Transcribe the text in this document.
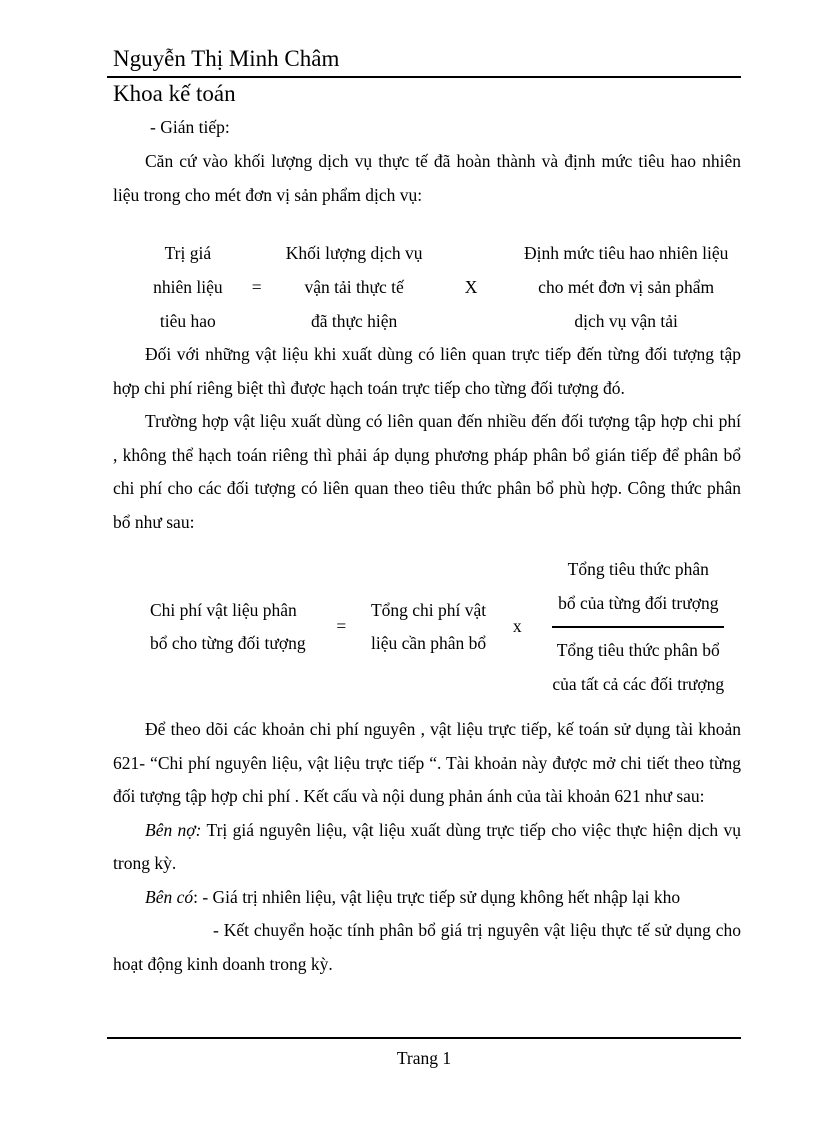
Nguyễn Thị Minh Châm
Khoa kế toán
- Gián tiếp:

Căn cứ vào khối lượng dịch vụ thực tế đã hoàn thành và định mức tiêu hao nhiên liệu trong cho mét đơn vị sản phẩm dịch vụ:

Trị giá
nhiên liệu
tiêu hao
=
Khối lượng dịch vụ
vận tải thực tế
đã thực hiện
X
Định mức tiêu hao nhiên liệu
cho mét đơn vị sản phẩm
dịch vụ vận tải

Đối với những vật liệu khi xuất dùng có liên quan trực tiếp đến từng đối tượng tập hợp chi phí riêng biệt thì được hạch toán trực tiếp cho từng đối tượng đó.

Trường hợp vật liệu xuất dùng có liên quan đến nhiều đến đối tượng tập hợp chi phí , không thể hạch toán riêng thì phải áp dụng phương pháp phân bổ gián tiếp để phân bổ chi phí cho các đối tượng có liên quan theo tiêu thức phân bổ phù hợp. Công thức phân bổ như sau:

Chi phí vật liệu phân
bổ cho từng đối tượng
=
Tổng chi phí vật
liệu cần phân bổ
x Tổng tiêu thức phân
bổ của từng đối trượng
Tổng tiêu thức phân bổ
của tất cả các đối trượng

Để theo dõi các khoản chi phí nguyên , vật liệu trực tiếp, kế toán sử dụng tài khoản 621- “Chi phí nguyên liệu, vật liệu trực tiếp “. Tài khoản này được mở chi tiết theo từng đối tượng tập hợp chi phí . Kết cấu và nội dung phản ánh của tài khoản 621 như sau:

Bên nợ: Trị giá nguyên liệu, vật liệu xuất dùng trực tiếp cho việc thực hiện dịch vụ trong kỳ.

Bên có: - Giá trị nhiên liệu, vật liệu trực tiếp sử dụng không hết nhập lại kho

- Kết chuyển hoặc tính phân bổ giá trị nguyên vật liệu thực tế sử dụng cho hoạt động kinh doanh trong kỳ.

Trang 1
